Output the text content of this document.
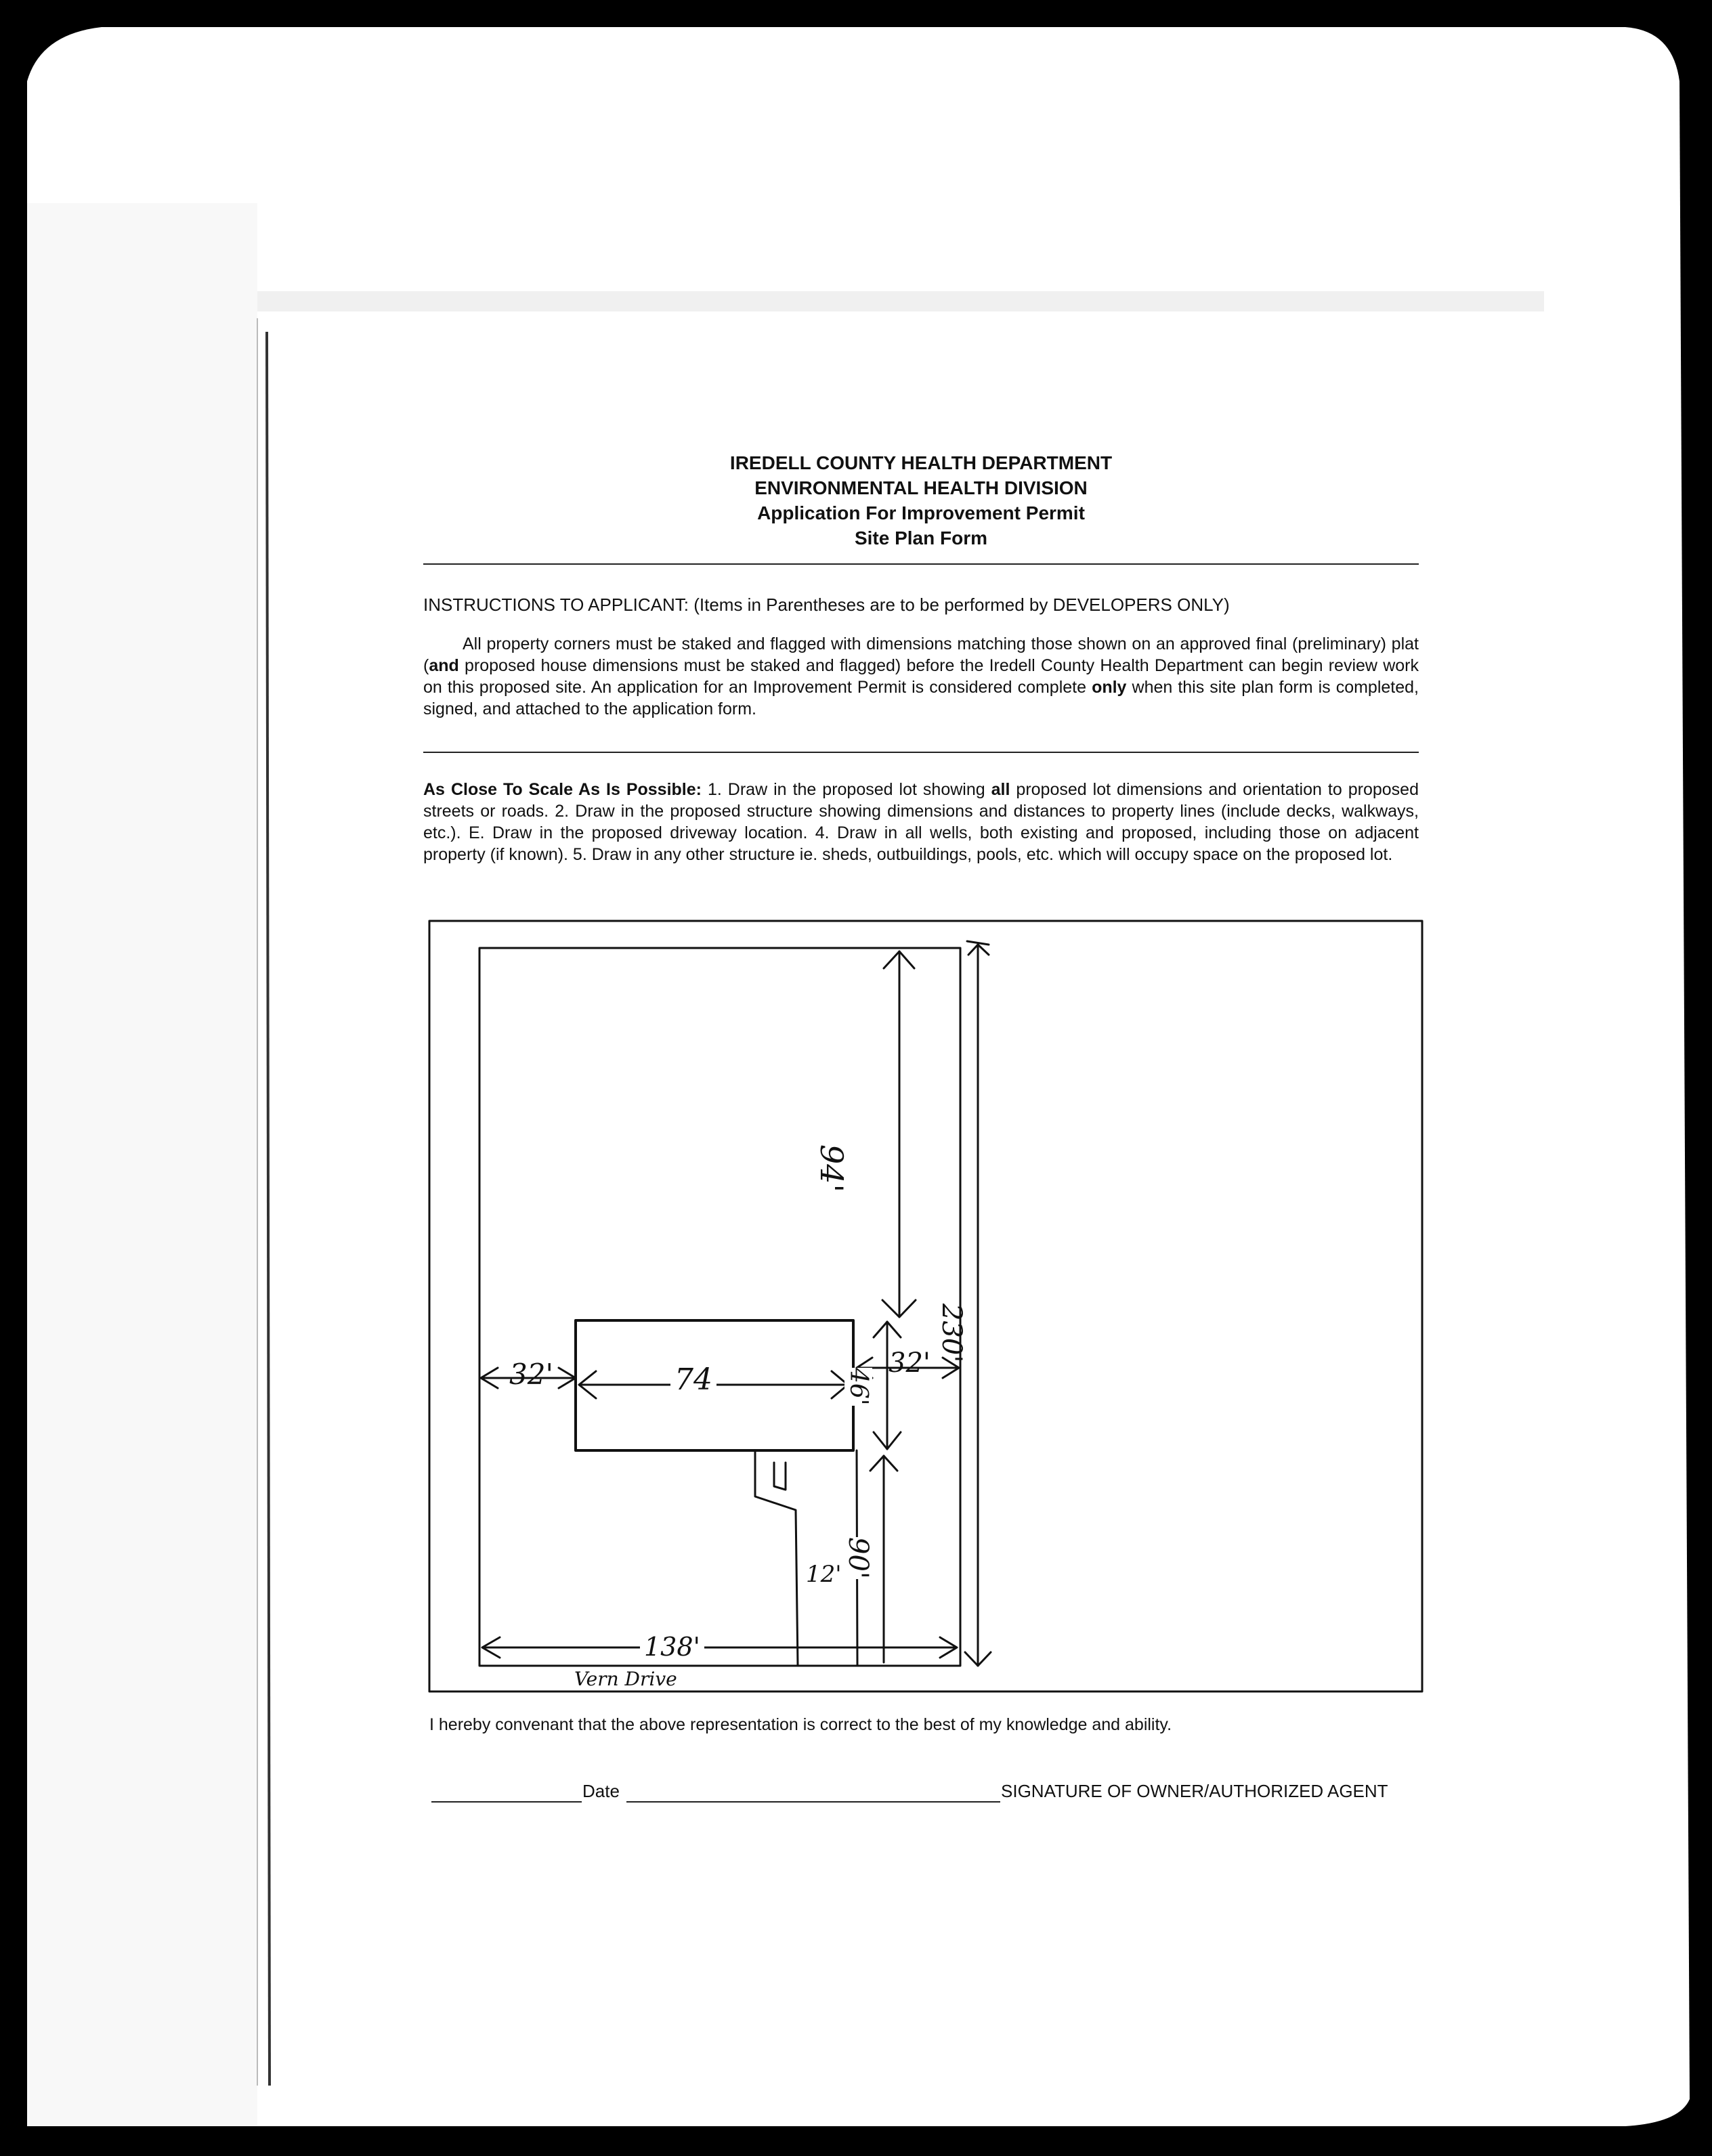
IREDELL COUNTY HEALTH DEPARTMENT
ENVIRONMENTAL HEALTH DIVISION
Application For Improvement Permit
Site Plan Form
INSTRUCTIONS TO APPLICANT: (Items in Parentheses are to be performed by DEVELOPERS ONLY)
All property corners must be staked and flagged with dimensions matching those shown on an approved final (preliminary) plat (and proposed house dimensions must be staked and flagged) before the Iredell County Health Department can begin review work on this proposed site. An application for an Improvement Permit is considered complete only when this site plan form is completed, signed, and attached to the application form.
As Close To Scale As Is Possible: 1. Draw in the proposed lot showing all proposed lot dimensions and orientation to proposed streets or roads. 2. Draw in the proposed structure showing dimensions and distances to property lines (include decks, walkways, etc.). E. Draw in the proposed driveway location. 4. Draw in all wells, both existing and proposed, including those on adjacent property (if known). 5. Draw in any other structure ie. sheds, outbuildings, pools, etc. which will occupy space on the proposed lot.
94'
230'
32'	74	32'
46'
90'
12'
138'
Vern Drive
I hereby convenant that the above representation is correct to the best of my knowledge and ability.
Date	SIGNATURE OF OWNER/AUTHORIZED AGENT
